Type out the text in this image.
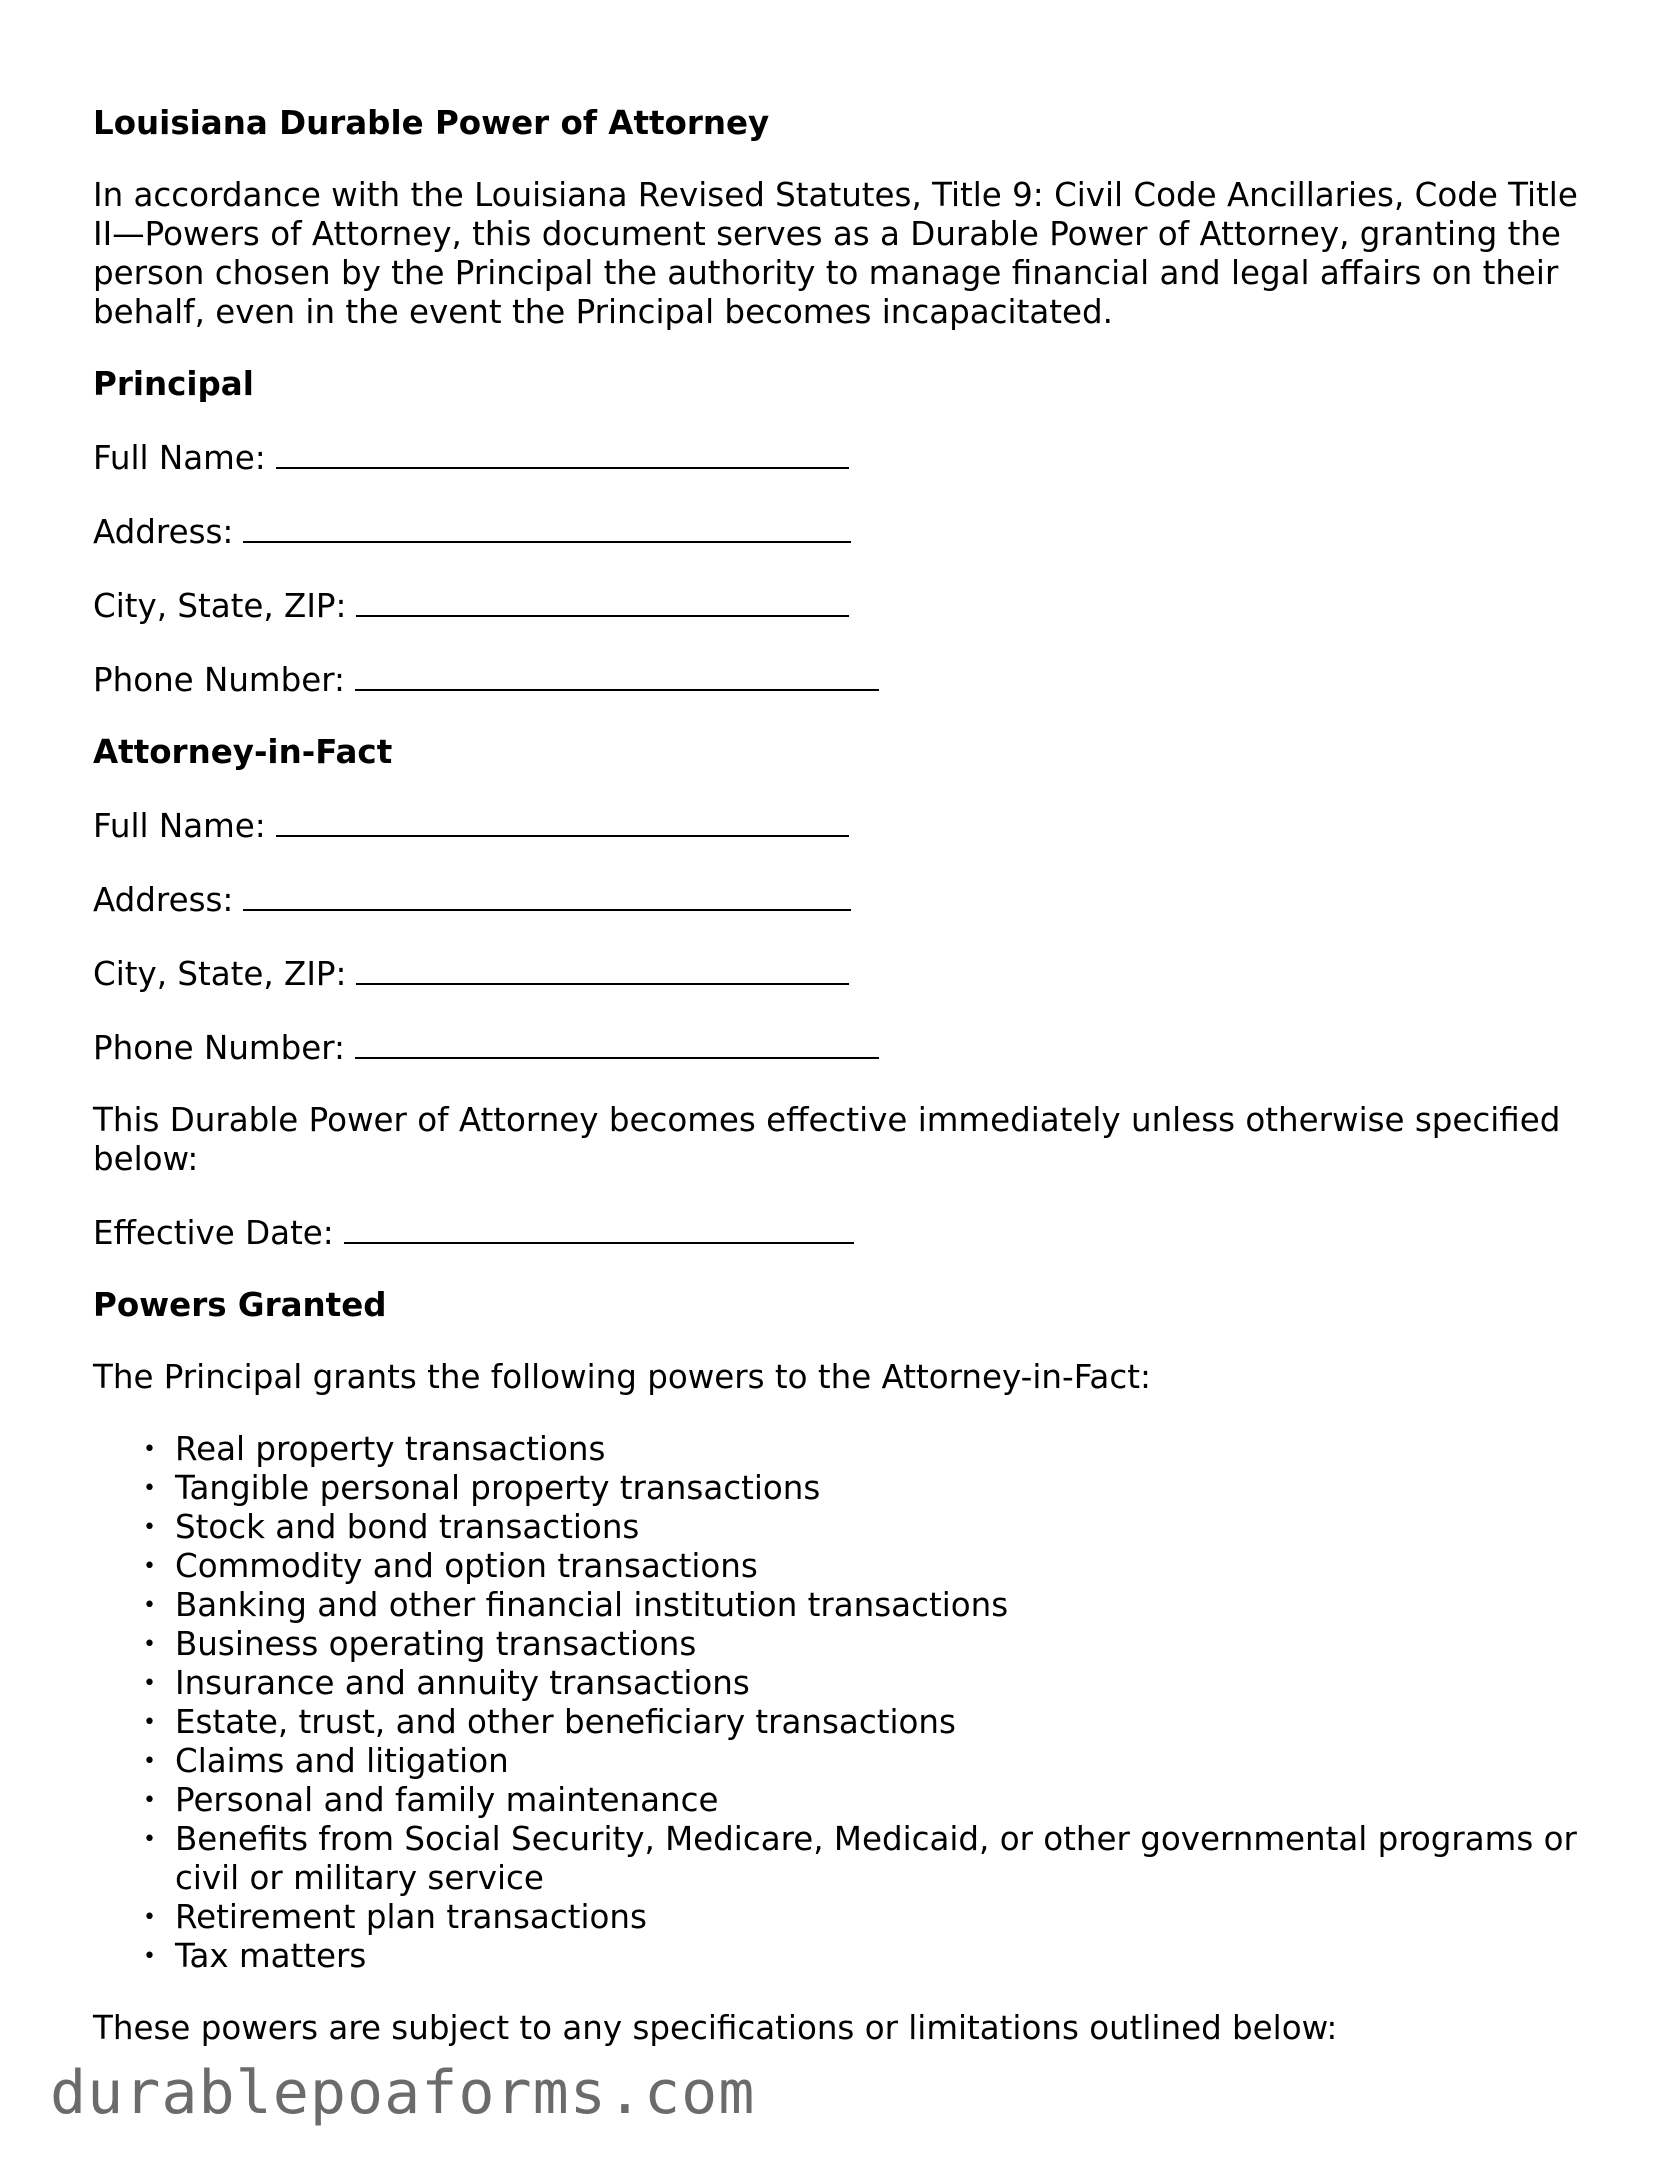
Louisiana Durable Power of Attorney
In accordance with the Louisiana Revised Statutes, Title 9: Civil Code Ancillaries, Code Title II—Powers of Attorney, this document serves as a Durable Power of Attorney, granting the person chosen by the Principal the authority to manage financial and legal affairs on their behalf, even in the event the Principal becomes incapacitated.
Principal
Full Name:
Address:
City, State, ZIP:
Phone Number:
Attorney-in-Fact
Full Name:
Address:
City, State, ZIP:
Phone Number:
This Durable Power of Attorney becomes effective immediately unless otherwise specified below:
Effective Date:
Powers Granted
The Principal grants the following powers to the Attorney-in-Fact:
• Real property transactions
• Tangible personal property transactions
• Stock and bond transactions
• Commodity and option transactions
• Banking and other financial institution transactions
• Business operating transactions
• Insurance and annuity transactions
• Estate, trust, and other beneficiary transactions
• Claims and litigation
• Personal and family maintenance
• Benefits from Social Security, Medicare, Medicaid, or other governmental programs or civil or military service
• Retirement plan transactions
• Tax matters
These powers are subject to any specifications or limitations outlined below:
durablepoaforms.com
